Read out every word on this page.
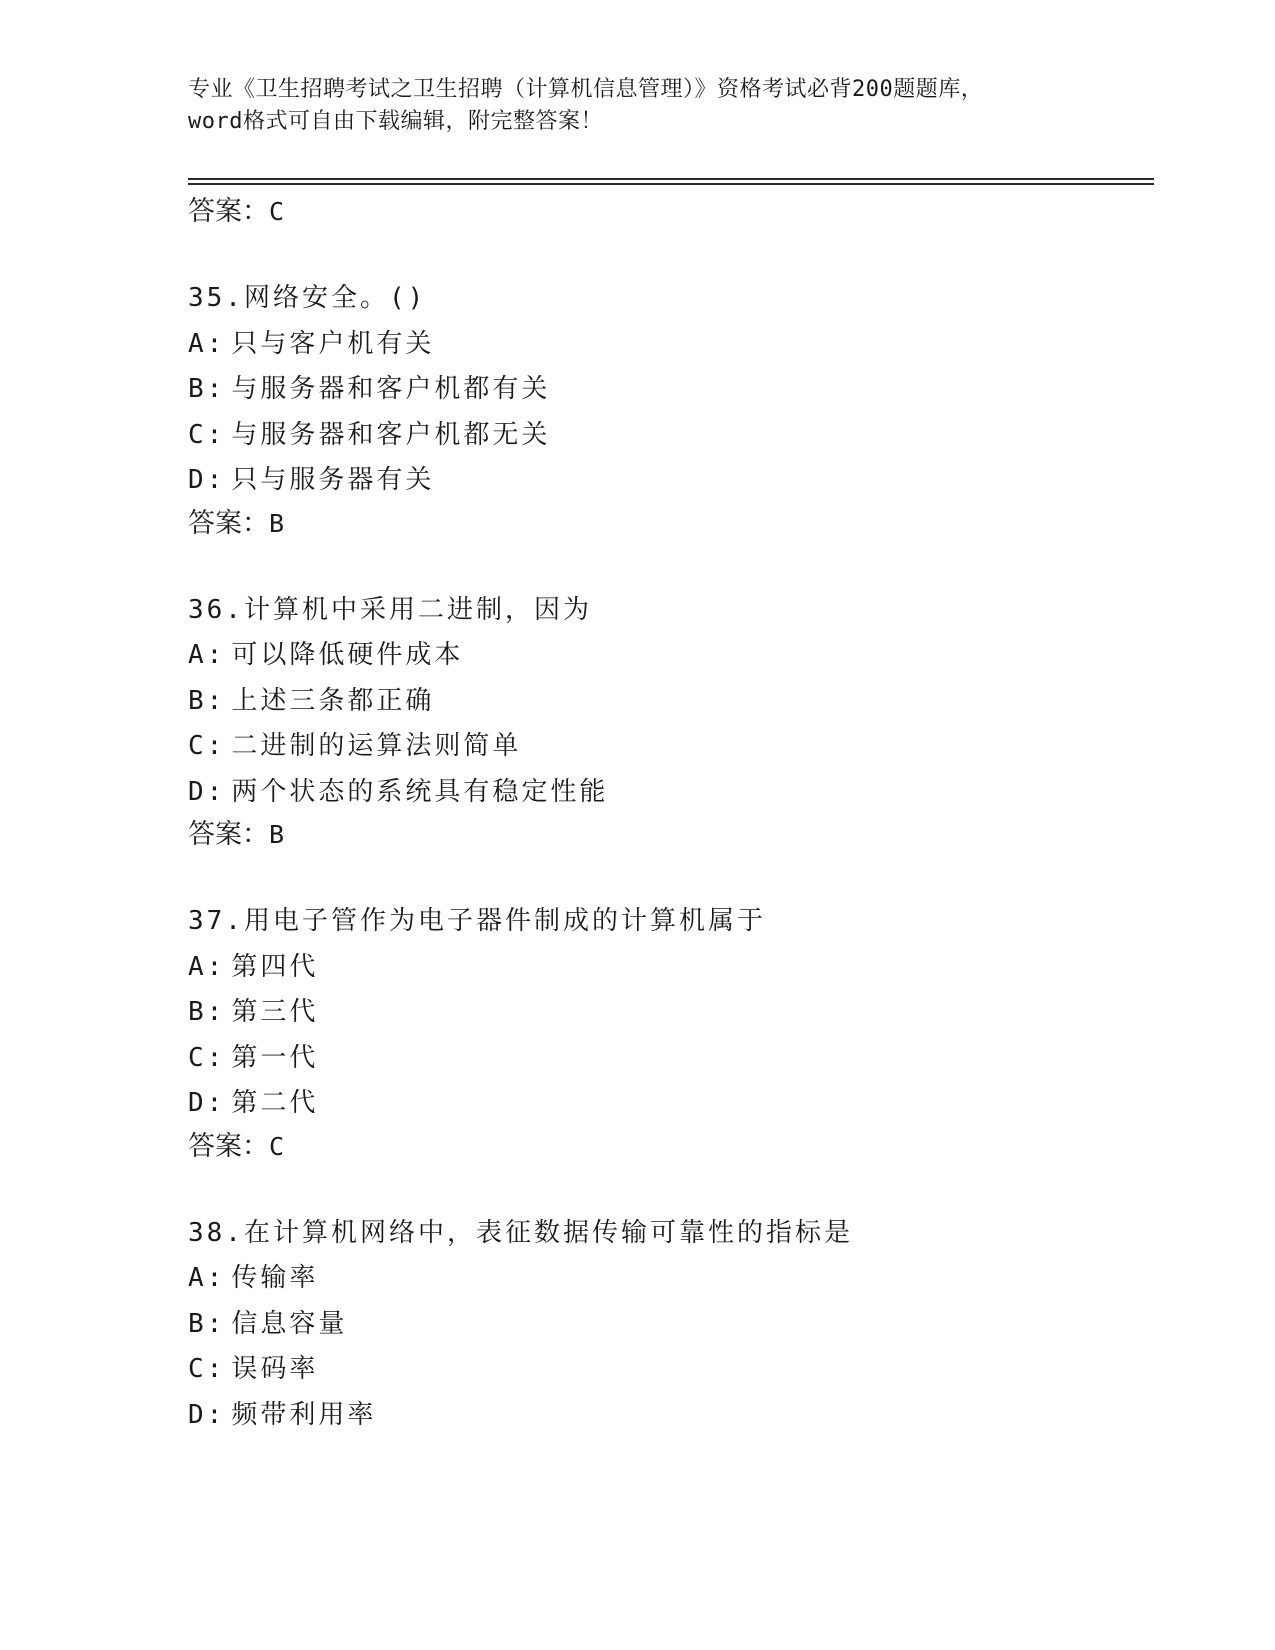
专业《卫生招聘考试之卫生招聘（计算机信息管理）》资格考试必背200题题库，
word格式可自由下载编辑，附完整答案！
答案：C
35.网络安全。()
A: 只与客户机有关
B: 与服务器和客户机都有关
C: 与服务器和客户机都无关
D: 只与服务器有关
答案：B
36.计算机中采用二进制，因为
A: 可以降低硬件成本
B: 上述三条都正确
C: 二进制的运算法则简单
D: 两个状态的系统具有稳定性能
答案：B
37.用电子管作为电子器件制成的计算机属于
A: 第四代
B: 第三代
C: 第一代
D: 第二代
答案：C
38.在计算机网络中，表征数据传输可靠性的指标是
A: 传输率
B: 信息容量
C: 误码率
D: 频带利用率
